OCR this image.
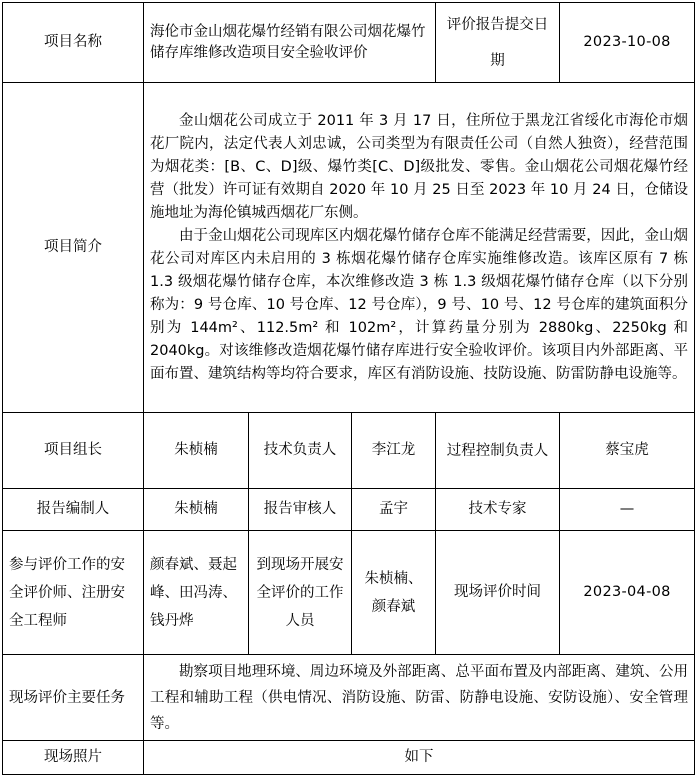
项目名称	海伦市金山烟花爆竹经销有限公司烟花爆竹储存库维修改造项目安全验收评价			评价报告提交日期	2023-10-08
项目简介	金山烟花公司成立于 2011 年 3 月 17 日，住所位于黑龙江省绥化市海伦市烟花厂院内，法定代表人刘忠诚，公司类型为有限责任公司（自然人独资），经营范围为烟花类：[B、C、D]级、爆竹类[C、D]级批发、零售。金山烟花公司烟花爆竹经营（批发）许可证有效期自 2020 年 10 月 25 日至 2023 年 10 月 24 日，仓储设施地址为海伦镇城西烟花厂东侧。

由于金山烟花公司现库区内烟花爆竹储存仓库不能满足经营需要，因此，金山烟花公司对库区内未启用的 3 栋烟花爆竹储存仓库实施维修改造。该库区原有 7 栋 1.3 级烟花爆竹储存仓库，本次维修改造 3 栋 1.3 级烟花爆竹储存仓库（以下分别称为：9 号仓库、10 号仓库、12 号仓库），9 号、10 号、12 号仓库的建筑面积分别为 144m²、112.5m² 和 102m²，计算药量分别为 2880kg、2250kg 和 2040kg。对该维修改造烟花爆竹储存库进行安全验收评价。该项目内外部距离、平面布置、建筑结构等均符合要求，库区有消防设施、技防设施、防雷防静电设施等。				

项目组长	朱桢楠	技术负责人	李江龙	过程控制负责人	蔡宝虎
报告编制人	朱桢楠	报告审核人	孟宇	技术专家	—
参与评价工作的安全评价师、注册安全工程师	颜春斌、聂起峰、田冯涛、钱丹烨	到现场开展安全评价的工作人员	朱桢楠、颜春斌	现场评价时间	2023-04-08
现场评价主要任务	勘察项目地理环境、周边环境及外部距离、总平面布置及内部距离、建筑、公用工程和辅助工程（供电情况、消防设施、防雷、防静电设施、安防设施）、安全管理等。				

现场照片	如下				
